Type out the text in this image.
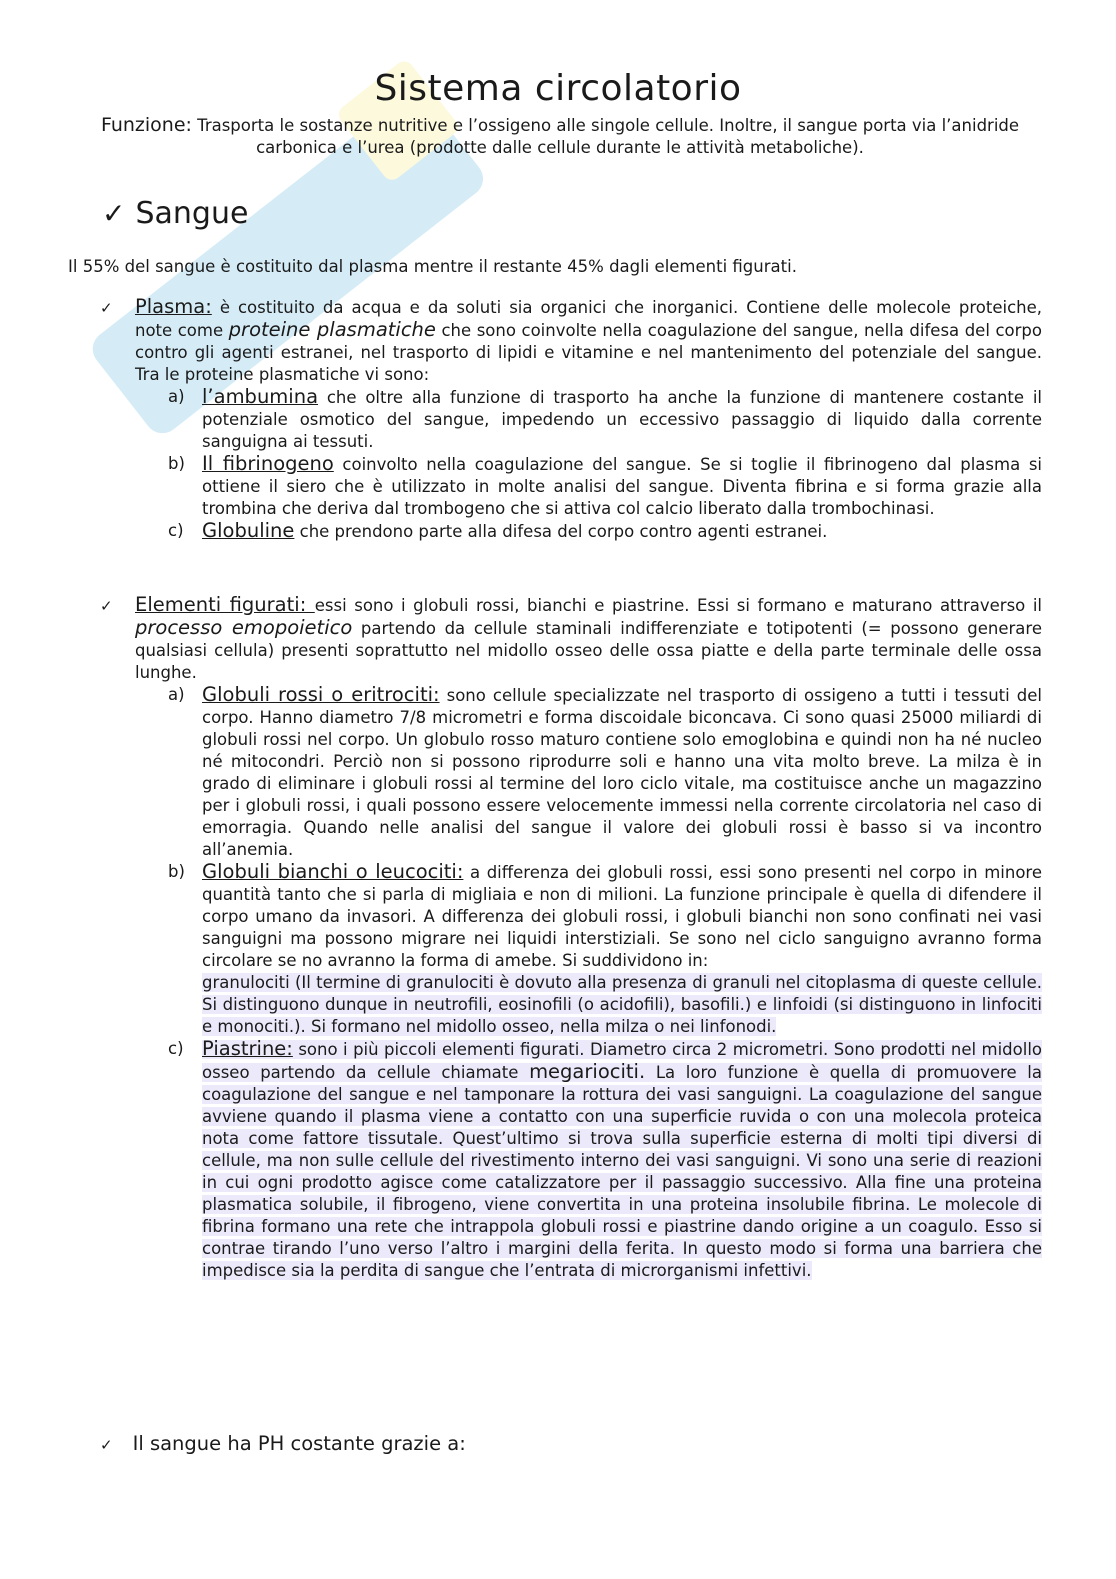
Sistema circolatorio

Funzione: Trasporta le sostanze nutritive e l’ossigeno alle singole cellule. Inoltre, il sangue porta via l’anidride carbonica e l’urea (prodotte dalle cellule durante le attività metaboliche).

✓ Sangue

Il 55% del sangue è costituito dal plasma mentre il restante 45% dagli elementi figurati.

✓ Plasma: è costituito da acqua e da soluti sia organici che inorganici. Contiene delle molecole proteiche, note come proteine plasmatiche che sono coinvolte nella coagulazione del sangue, nella difesa del corpo contro gli agenti estranei, nel trasporto di lipidi e vitamine e nel mantenimento del potenziale del sangue. Tra le proteine plasmatiche vi sono:
a) l’ambumina che oltre alla funzione di trasporto ha anche la funzione di mantenere costante il potenziale osmotico del sangue, impedendo un eccessivo passaggio di liquido dalla corrente sanguigna ai tessuti.
b) Il fibrinogeno coinvolto nella coagulazione del sangue. Se si toglie il fibrinogeno dal plasma si ottiene il siero che è utilizzato in molte analisi del sangue. Diventa fibrina e si forma grazie alla trombina che deriva dal trombogeno che si attiva col calcio liberato dalla trombochinasi.
c) Globuline che prendono parte alla difesa del corpo contro agenti estranei.
✓ Elementi figurati: essi sono i globuli rossi, bianchi e piastrine. Essi si formano e maturano attraverso il processo emopoietico partendo da cellule staminali indifferenziate e totipotenti (= possono generare qualsiasi cellula) presenti soprattutto nel midollo osseo delle ossa piatte e della parte terminale delle ossa lunghe.
a) Globuli rossi o eritrociti: sono cellule specializzate nel trasporto di ossigeno a tutti i tessuti del corpo. Hanno diametro 7/8 micrometri e forma discoidale biconcava. Ci sono quasi 25000 miliardi di globuli rossi nel corpo. Un globulo rosso maturo contiene solo emoglobina e quindi non ha né nucleo né mitocondri. Perciò non si possono riprodurre soli e hanno una vita molto breve. La milza è in grado di eliminare i globuli rossi al termine del loro ciclo vitale, ma costituisce anche un magazzino per i globuli rossi, i quali possono essere velocemente immessi nella corrente circolatoria nel caso di emorragia. Quando nelle analisi del sangue il valore dei globuli rossi è basso si va incontro all’anemia.
b) Globuli bianchi o leucociti: a differenza dei globuli rossi, essi sono presenti nel corpo in minore quantità tanto che si parla di migliaia e non di milioni. La funzione principale è quella di difendere il corpo umano da invasori. A differenza dei globuli rossi, i globuli bianchi non sono confinati nei vasi sanguigni ma possono migrare nei liquidi interstiziali. Se sono nel ciclo sanguigno avranno forma circolare se no avranno la forma di amebe. Si suddividono in:
granulociti (Il termine di granulociti è dovuto alla presenza di granuli nel citoplasma di queste cellule. Si distinguono dunque in neutrofili, eosinofili (o acidofili), basofili.) e linfoidi (si distinguono in linfociti e monociti.). Si formano nel midollo osseo, nella milza o nei linfonodi.
c) Piastrine: sono i più piccoli elementi figurati. Diametro circa 2 micrometri. Sono prodotti nel midollo osseo partendo da cellule chiamate megariociti. La loro funzione è quella di promuovere la coagulazione del sangue e nel tamponare la rottura dei vasi sanguigni. La coagulazione del sangue avviene quando il plasma viene a contatto con una superficie ruvida o con una molecola proteica nota come fattore tissutale. Quest’ultimo si trova sulla superficie esterna di molti tipi diversi di cellule, ma non sulle cellule del rivestimento interno dei vasi sanguigni. Vi sono una serie di reazioni in cui ogni prodotto agisce come catalizzatore per il passaggio successivo. Alla fine una proteina plasmatica solubile, il fibrogeno, viene convertita in una proteina insolubile fibrina. Le molecole di fibrina formano una rete che intrappola globuli rossi e piastrine dando origine a un coagulo. Esso si contrae tirando l’uno verso l’altro i margini della ferita. In questo modo si forma una barriera che impedisce sia la perdita di sangue che l’entrata di microrganismi infettivi.
✓ Il sangue ha PH costante grazie a:
